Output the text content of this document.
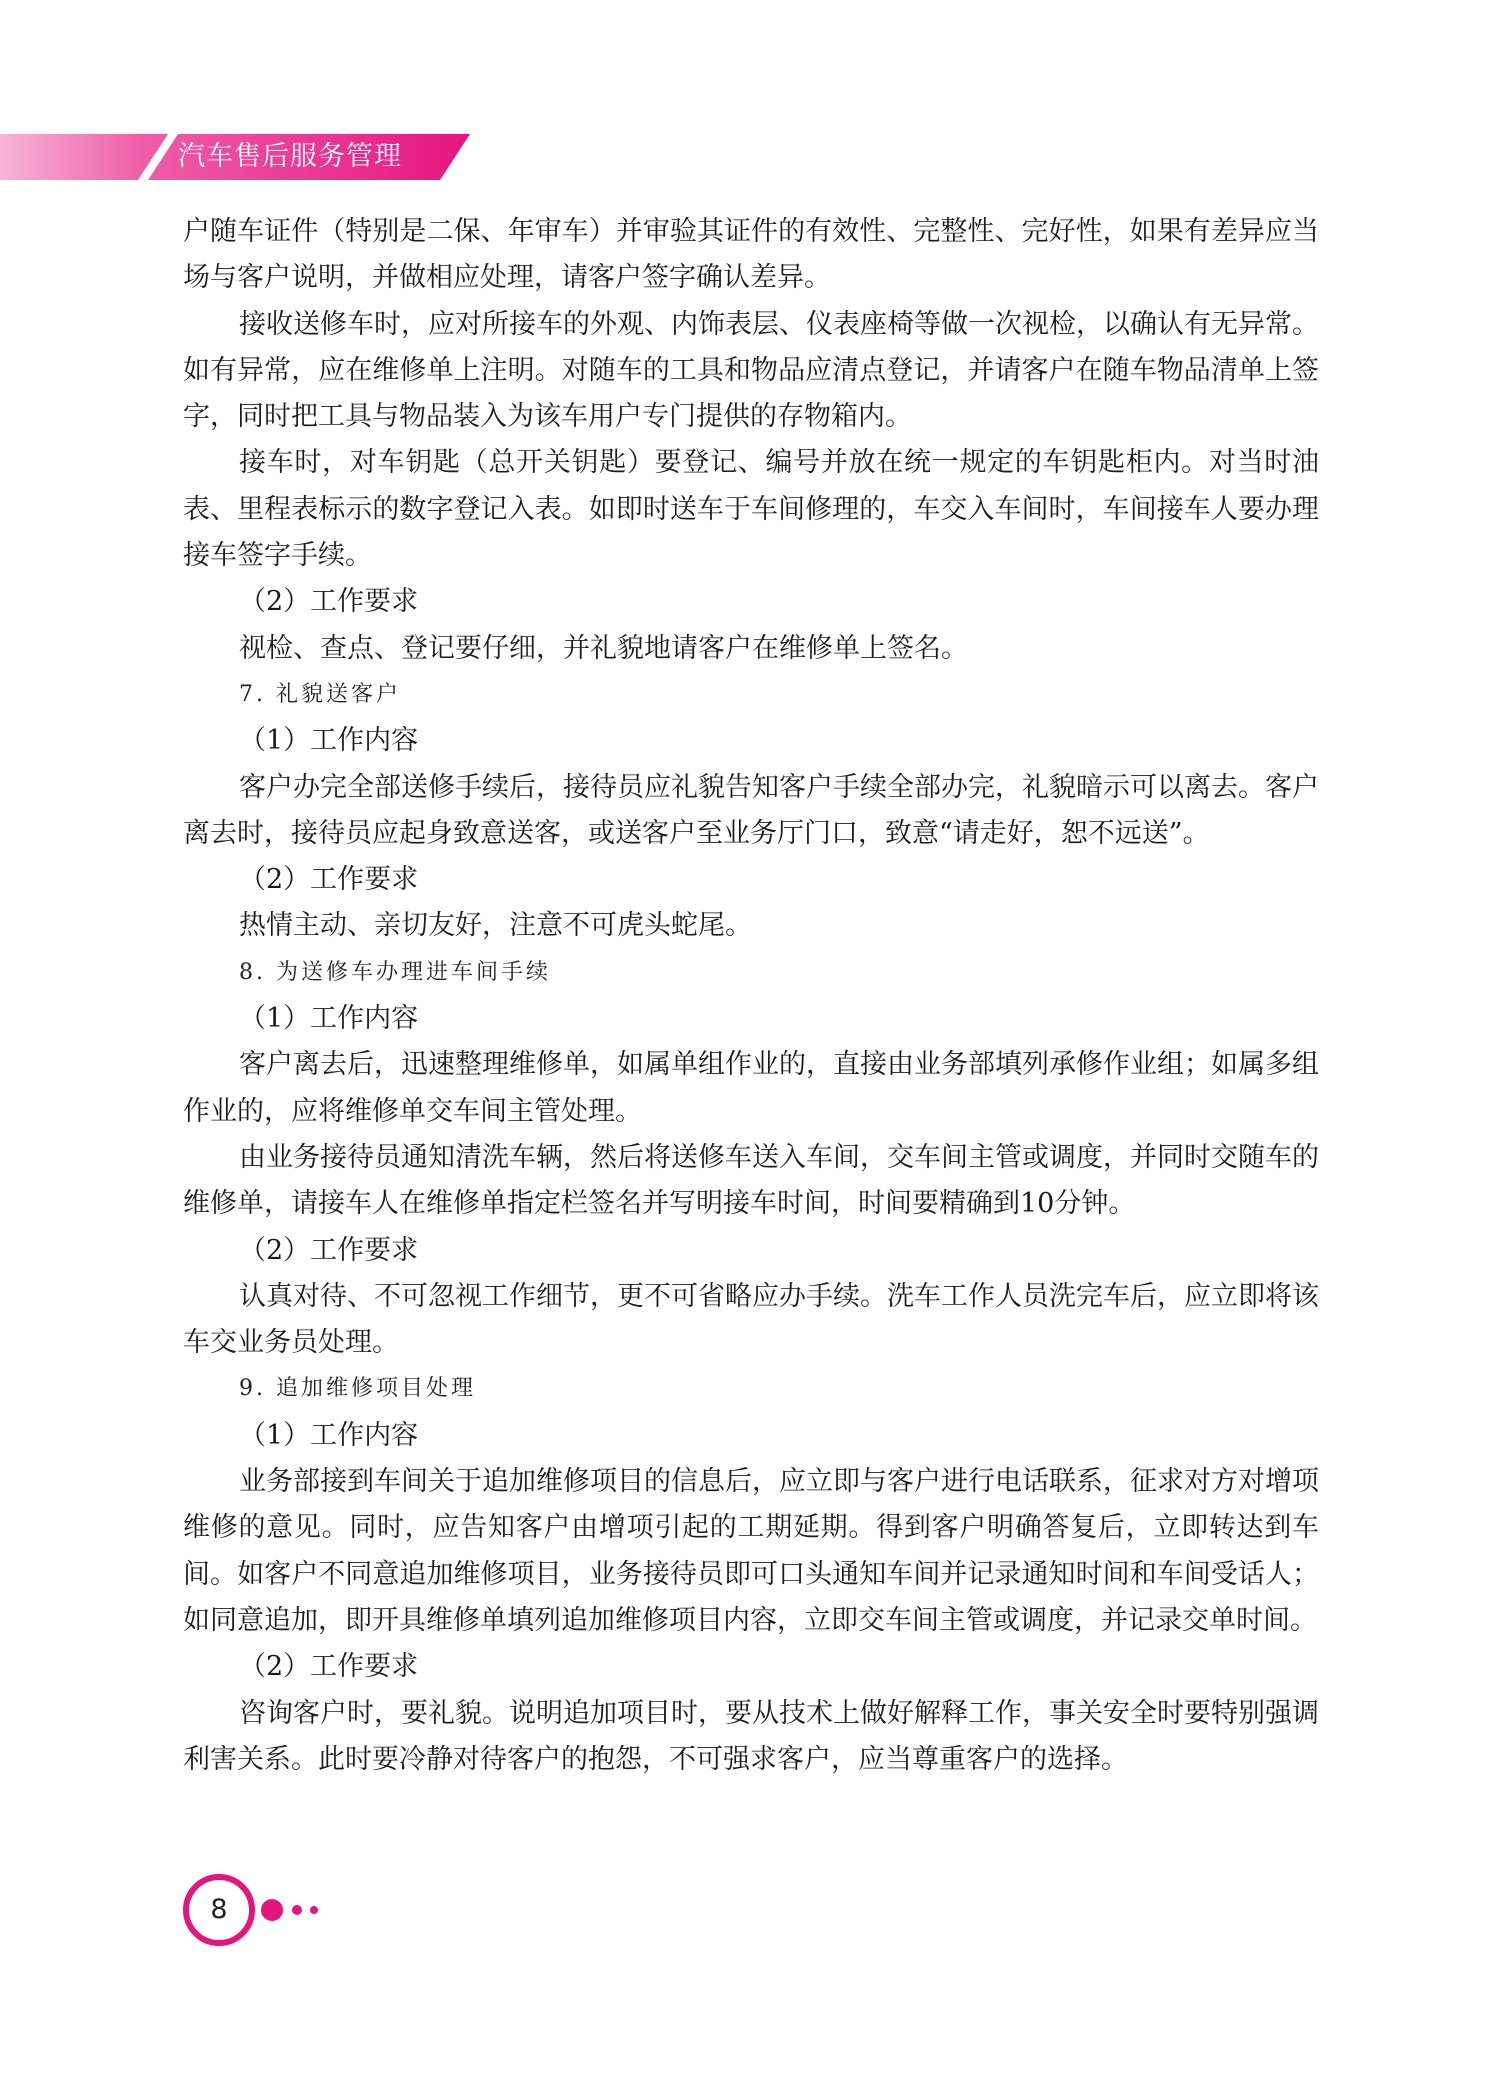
汽车售后服务管理

户随车证件（特别是二保、年审车）并审验其证件的有效性、完整性、完好性，如果有差异应当场与客户说明，并做相应处理，请客户签字确认差异。

接收送修车时，应对所接车的外观、内饰表层、仪表座椅等做一次视检，以确认有无异常。如有异常，应在维修单上注明。对随车的工具和物品应清点登记，并请客户在随车物品清单上签字，同时把工具与物品装入为该车用户专门提供的存物箱内。

接车时，对车钥匙（总开关钥匙）要登记、编号并放在统一规定的车钥匙柜内。对当时油表、里程表标示的数字登记入表。如即时送车于车间修理的，车交入车间时，车间接车人要办理接车签字手续。

（2）工作要求

视检、查点、登记要仔细，并礼貌地请客户在维修单上签名。

7. 礼貌送客户

（1）工作内容

客户办完全部送修手续后，接待员应礼貌告知客户手续全部办完，礼貌暗示可以离去。客户离去时，接待员应起身致意送客，或送客户至业务厅门口，致意“请走好，恕不远送”。

（2）工作要求

热情主动、亲切友好，注意不可虎头蛇尾。

8. 为送修车办理进车间手续

（1）工作内容

客户离去后，迅速整理维修单，如属单组作业的，直接由业务部填列承修作业组；如属多组作业的，应将维修单交车间主管处理。

由业务接待员通知清洗车辆，然后将送修车送入车间，交车间主管或调度，并同时交随车的维修单，请接车人在维修单指定栏签名并写明接车时间，时间要精确到10分钟。

（2）工作要求

认真对待、不可忽视工作细节，更不可省略应办手续。洗车工作人员洗完车后，应立即将该车交业务员处理。

9. 追加维修项目处理

（1）工作内容

业务部接到车间关于追加维修项目的信息后，应立即与客户进行电话联系，征求对方对增项维修的意见。同时，应告知客户由增项引起的工期延期。得到客户明确答复后，立即转达到车间。如客户不同意追加维修项目，业务接待员即可口头通知车间并记录通知时间和车间受话人；如同意追加，即开具维修单填列追加维修项目内容，立即交车间主管或调度，并记录交单时间。

（2）工作要求

咨询客户时，要礼貌。说明追加项目时，要从技术上做好解释工作，事关安全时要特别强调利害关系。此时要冷静对待客户的抱怨，不可强求客户，应当尊重客户的选择。

8
